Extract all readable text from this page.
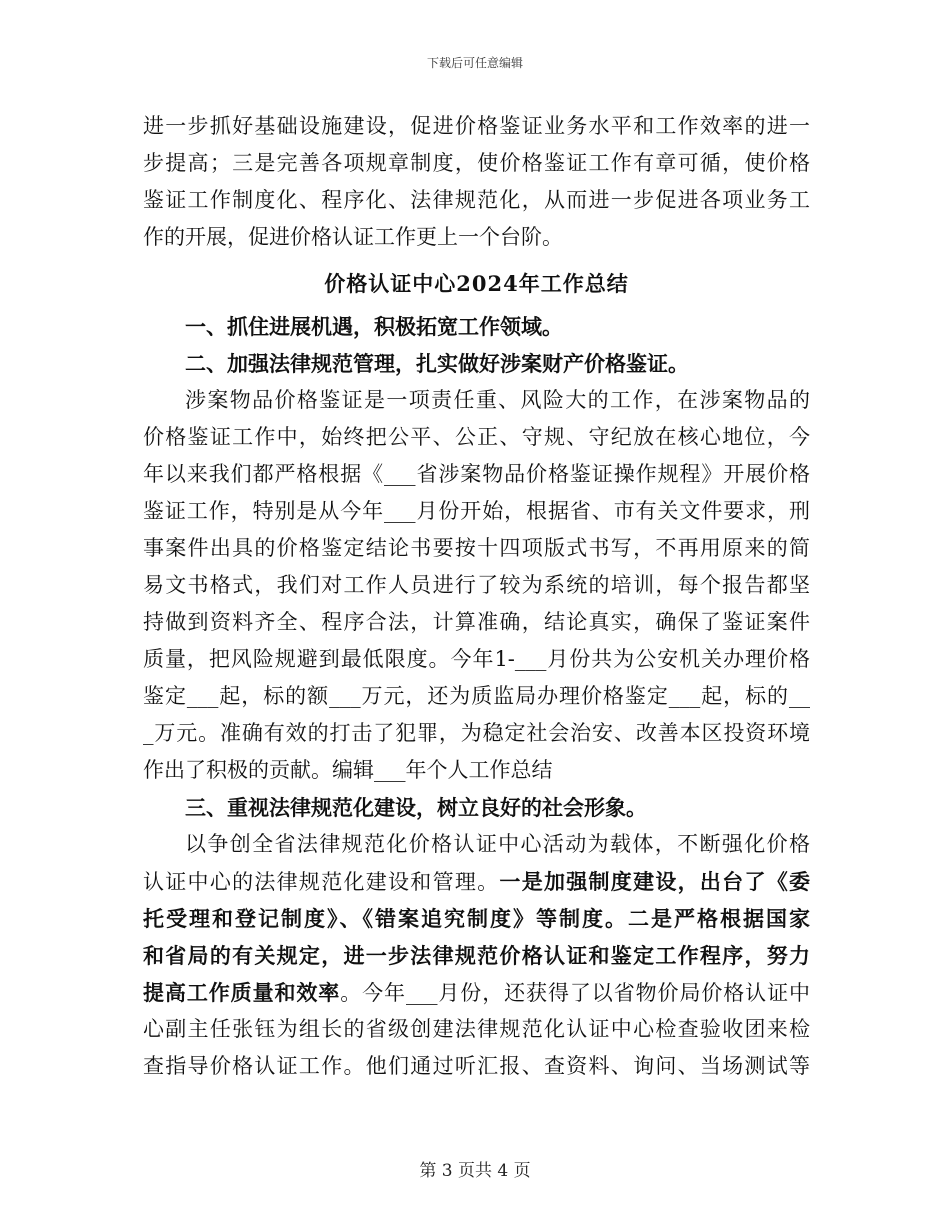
下载后可任意编辑
进一步抓好基础设施建设，促进价格鉴证业务水平和工作效率的进一
步提高；三是完善各项规章制度，使价格鉴证工作有章可循，使价格
鉴证工作制度化、程序化、法律规范化，从而进一步促进各项业务工
作的开展，促进价格认证工作更上一个台阶。
价格认证中心2024年工作总结
一、抓住进展机遇，积极拓宽工作领域。
二、加强法律规范管理，扎实做好涉案财产价格鉴证。
涉案物品价格鉴证是一项责任重、风险大的工作，在涉案物品的
价格鉴证工作中，始终把公平、公正、守规、守纪放在核心地位，今
年以来我们都严格根据《___省涉案物品价格鉴证操作规程》开展价格
鉴证工作，特别是从今年___月份开始，根据省、市有关文件要求，刑
事案件出具的价格鉴定结论书要按十四项版式书写，不再用原来的简
易文书格式，我们对工作人员进行了较为系统的培训，每个报告都坚
持做到资料齐全、程序合法，计算准确，结论真实，确保了鉴证案件
质量，把风险规避到最低限度。今年1-___月份共为公安机关办理价格
鉴定___起，标的额___万元，还为质监局办理价格鉴定___起，标的__
_万元。准确有效的打击了犯罪，为稳定社会治安、改善本区投资环境
作出了积极的贡献。编辑___年个人工作总结
三、重视法律规范化建设，树立良好的社会形象。
以争创全省法律规范化价格认证中心活动为载体，不断强化价格
认证中心的法律规范化建设和管理。一是加强制度建设，出台了《委
托受理和登记制度》、《错案追究制度》等制度。二是严格根据国家
和省局的有关规定，进一步法律规范价格认证和鉴定工作程序，努力
提高工作质量和效率。今年___月份，还获得了以省物价局价格认证中
心副主任张钰为组长的省级创建法律规范化认证中心检查验收团来检
查指导价格认证工作。他们通过听汇报、查资料、询问、当场测试等
第 3 页共 4 页
